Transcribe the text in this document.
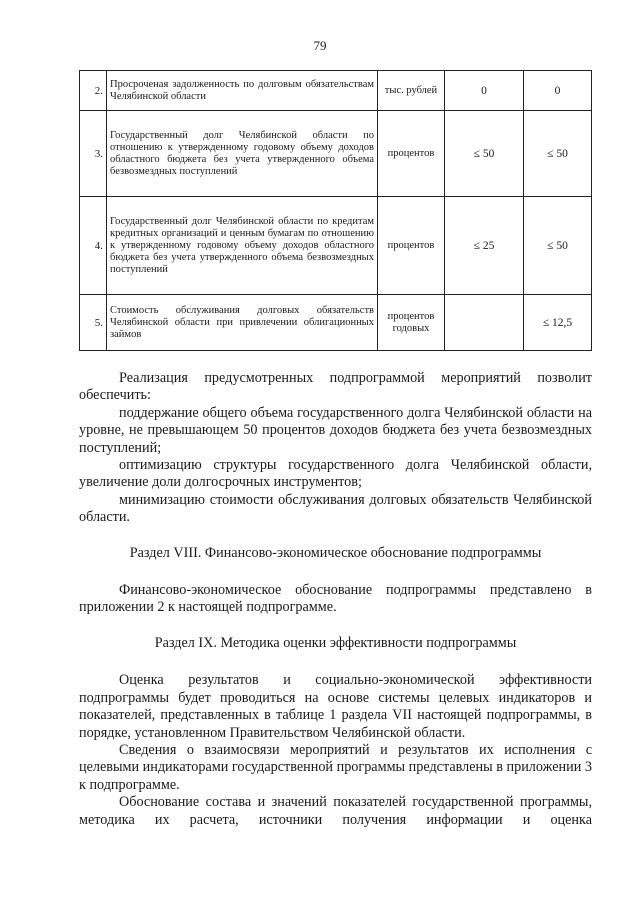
79
2.	Просроченая задолженность по долговым обязательствам Челябинской области	тыс. рублей	0	0
3.	Государственный долг Челябинской области по отношению к утвержденному годовому объему доходов областного бюджета без учета утвержденного объема безвозмездных поступлений	процентов	≤ 50	≤ 50
4.	Государственный долг Челябинской области по кредитам кредитных организаций и ценным бумагам по отношению к утвержденному годовому объему доходов областного бюджета без учета утвержденного объема безвозмездных поступлений	процентов	≤ 25	≤ 50
5.	Стоимость обслуживания долговых обязательств Челябинской области при привлечении облигационных займов	процентов годовых		≤ 12,5

Реализация предусмотренных подпрограммой мероприятий позволит обеспечить:

поддержание общего объема государственного долга Челябинской области на уровне, не превышающем 50 процентов доходов бюджета без учета безвозмездных поступлений;

оптимизацию структуры государственного долга Челябинской области, увеличение доли долгосрочных инструментов;

минимизацию стоимости обслуживания долговых обязательств Челябинской области.

Раздел VIII. Финансово-экономическое обоснование подпрограммы

Финансово-экономическое обоснование подпрограммы представлено в приложении 2 к настоящей подпрограмме.

Раздел IX. Методика оценки эффективности подпрограммы

Оценка результатов и социально-экономической эффективности подпрограммы будет проводиться на основе системы целевых индикаторов и показателей, представленных в таблице 1 раздела VII настоящей подпрограммы, в порядке, установленном Правительством Челябинской области.

Сведения о взаимосвязи мероприятий и результатов их исполнения с целевыми индикаторами государственной программы представлены в приложении 3 к подпрограмме.

Обоснование состава и значений показателей государственной программы, методика их расчета, источники получения информации и оценка
